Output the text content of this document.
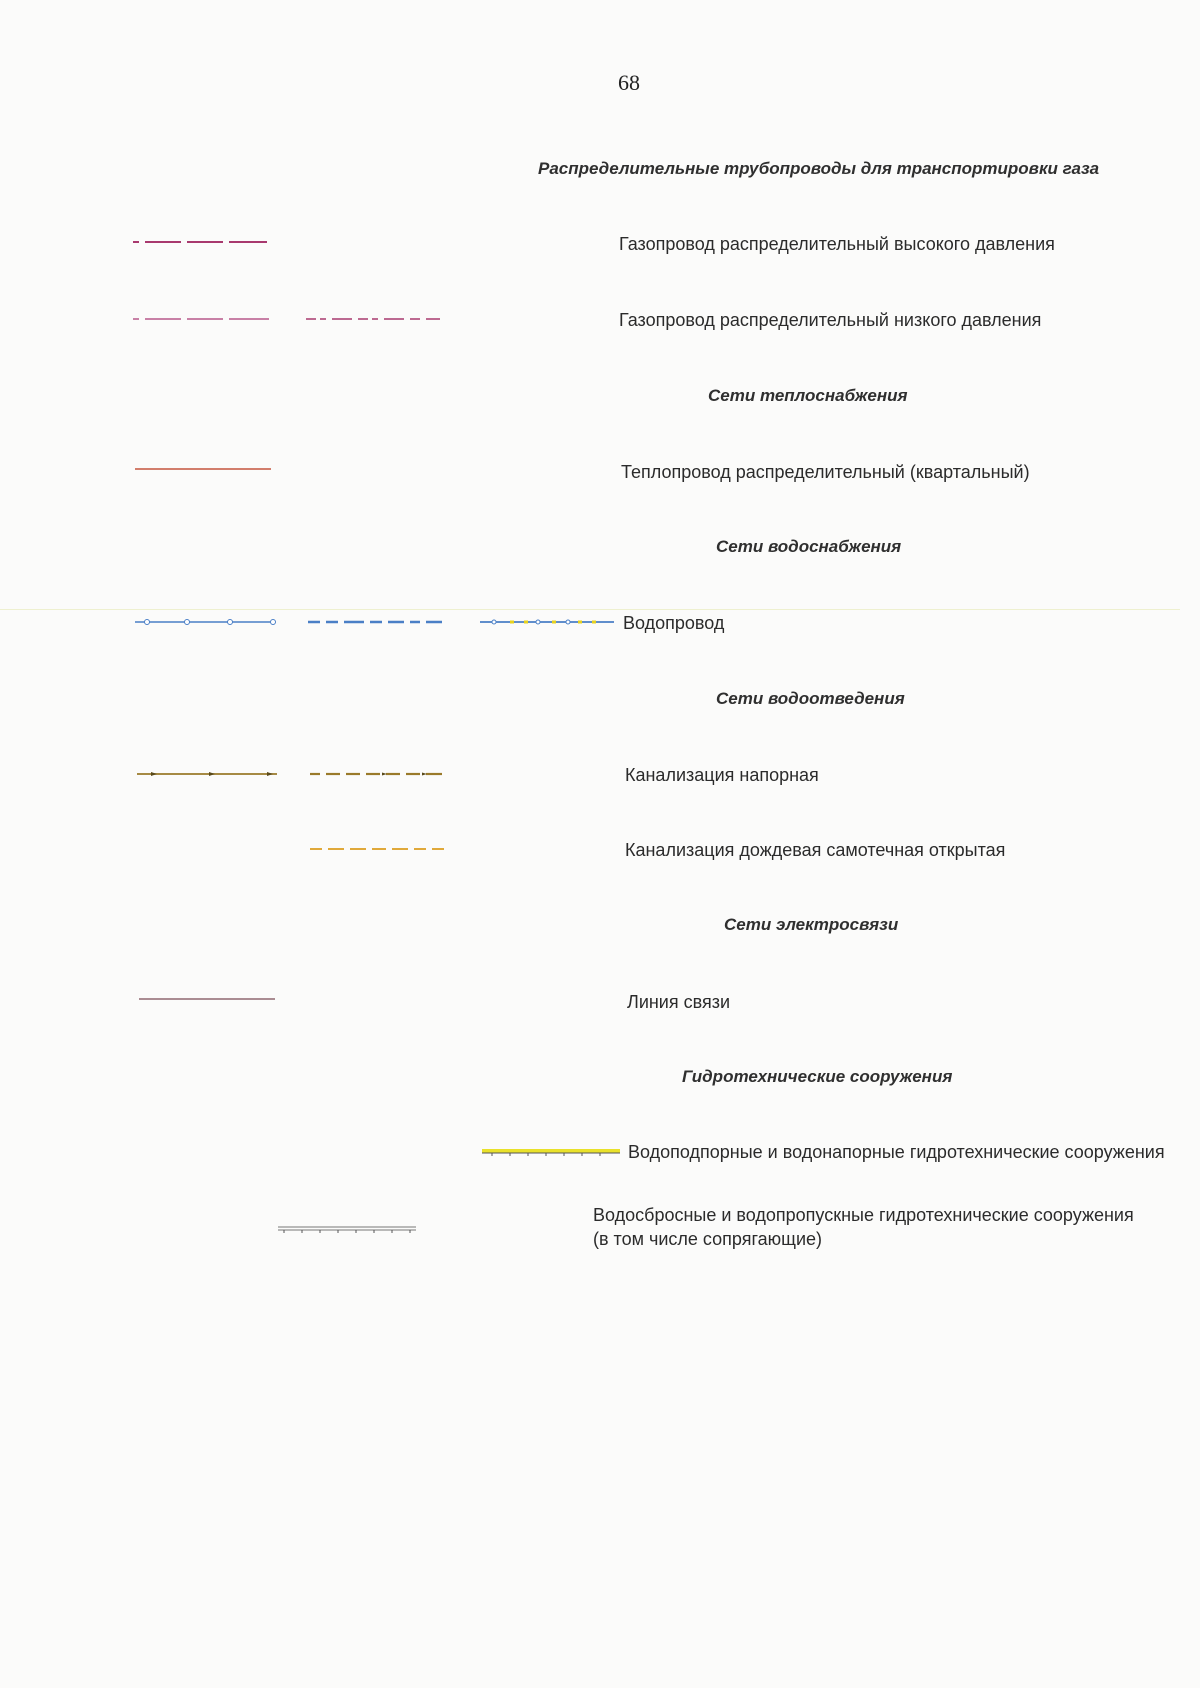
68
Распределительные трубопроводы для транспортировки газа
Газопровод распределительный высокого давления
Газопровод распределительный низкого давления
Сети теплоснабжения
Теплопровод распределительный (квартальный)
Сети водоснабжения
Водопровод
Сети водоотведения
Канализация напорная
Канализация дождевая самотечная открытая
Сети электросвязи
Линия связи
Гидротехнические сооружения
Водоподпорные и водонапорные гидротехнические сооружения
Водосбросные и водопропускные гидротехнические сооружения
(в том числе сопрягающие)
